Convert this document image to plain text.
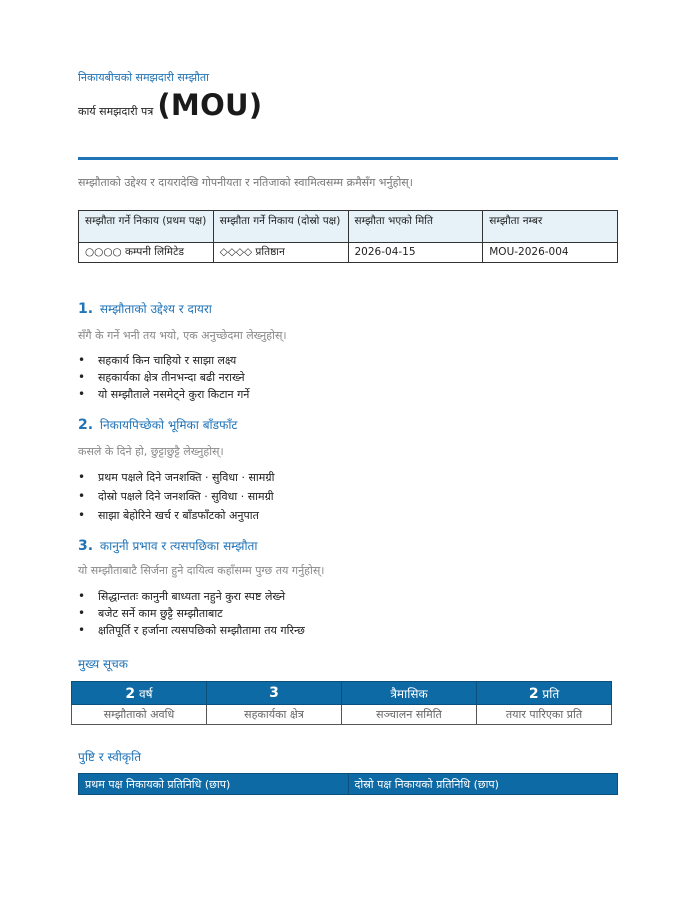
निकायबीचको समझदारी सम्झौता
कार्य समझदारी पत्र (MOU)
सम्झौताको उद्देश्य र दायरादेखि गोपनीयता र नतिजाको स्वामित्वसम्म क्रमैसँग भर्नुहोस्।
सम्झौता गर्ने निकाय (प्रथम पक्ष)	सम्झौता गर्ने निकाय (दोस्रो पक्ष)	सम्झौता भएको मिति	सम्झौता नम्बर
○○○○ कम्पनी लिमिटेड	◇◇◇◇ प्रतिष्ठान	2026-04-15	MOU-2026-004
1. सम्झौताको उद्देश्य र दायरा
सँगै के गर्ने भनी तय भयो, एक अनुच्छेदमा लेख्नुहोस्।
• सहकार्य किन चाहियो र साझा लक्ष्य
• सहकार्यका क्षेत्र तीनभन्दा बढी नराख्ने
• यो सम्झौताले नसमेट्ने कुरा किटान गर्ने
2. निकायपिच्छेको भूमिका बाँडफाँट
कसले के दिने हो, छुट्टाछुट्टै लेख्नुहोस्।
• प्रथम पक्षले दिने जनशक्ति · सुविधा · सामग्री
• दोस्रो पक्षले दिने जनशक्ति · सुविधा · सामग्री
• साझा बेहोरिने खर्च र बाँडफाँटको अनुपात
3. कानुनी प्रभाव र त्यसपछिका सम्झौता
यो सम्झौताबाटै सिर्जना हुने दायित्व कहाँसम्म पुग्छ तय गर्नुहोस्।
• सिद्धान्ततः कानुनी बाध्यता नहुने कुरा स्पष्ट लेख्ने
• बजेट सर्ने काम छुट्टै सम्झौताबाट
• क्षतिपूर्ति र हर्जाना त्यसपछिको सम्झौतामा तय गरिन्छ
मुख्य सूचक
2 वर्ष	3	त्रैमासिक	2 प्रति
सम्झौताको अवधि	सहकार्यका क्षेत्र	सञ्चालन समिति	तयार पारिएका प्रति
पुष्टि र स्वीकृति
प्रथम पक्ष निकायको प्रतिनिधि (छाप)	दोस्रो पक्ष निकायको प्रतिनिधि (छाप)
